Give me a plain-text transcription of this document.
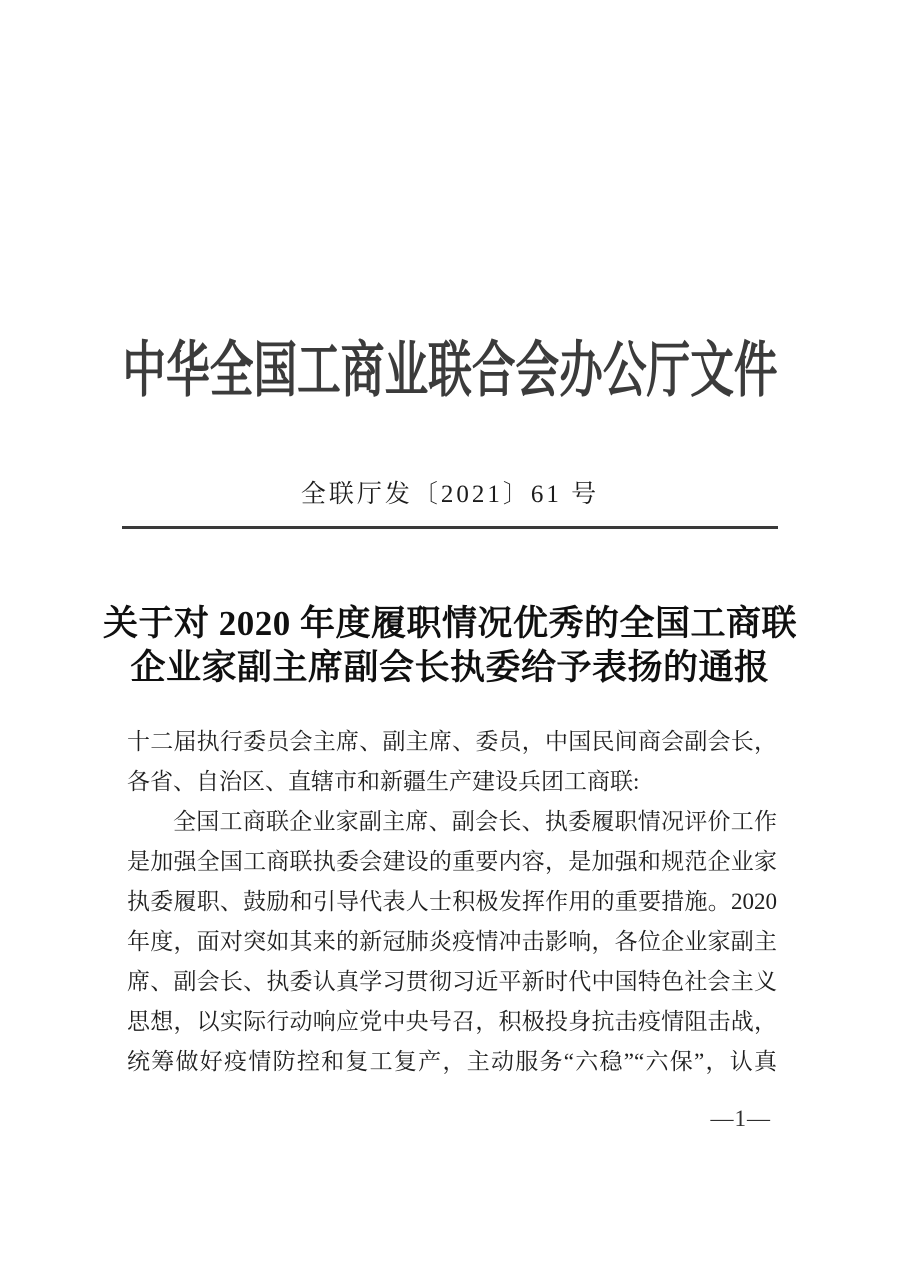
中华全国工商业联合会办公厅文件
全联厅发〔2021〕61 号
关于对 2020 年度履职情况优秀的全国工商联
企业家副主席副会长执委给予表扬的通报
十二届执行委员会主席、副主席、委员，中国民间商会副会长，
各省、自治区、直辖市和新疆生产建设兵团工商联:
全国工商联企业家副主席、副会长、执委履职情况评价工作
是加强全国工商联执委会建设的重要内容，是加强和规范企业家
执委履职、鼓励和引导代表人士积极发挥作用的重要措施。2020
年度，面对突如其来的新冠肺炎疫情冲击影响，各位企业家副主
席、副会长、执委认真学习贯彻习近平新时代中国特色社会主义
思想，以实际行动响应党中央号召，积极投身抗击疫情阻击战，
统筹做好疫情防控和复工复产，主动服务“六稳”“六保”，认真
—1—
